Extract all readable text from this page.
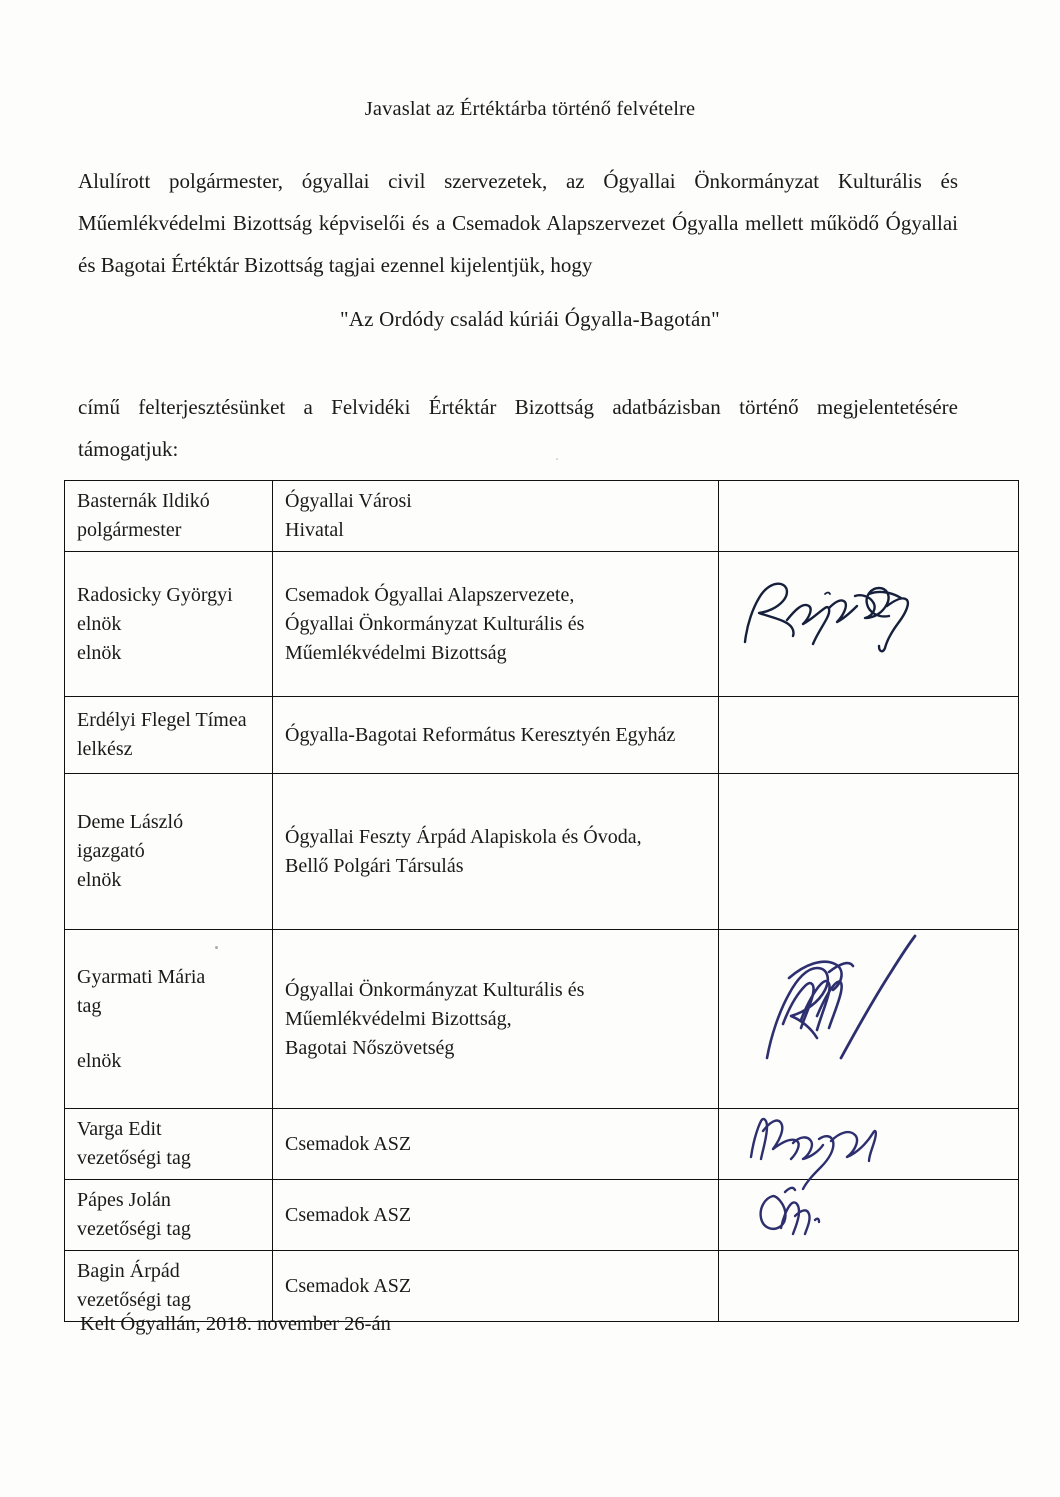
Javaslat az Értéktárba történő felvételre
Alulírott polgármester, ógyallai civil szervezetek, az Ógyallai Önkormányzat Kulturális és Műemlékvédelmi Bizottság képviselői és a Csemadok Alapszervezet Ógyalla mellett működő Ógyallai és Bagotai Értéktár Bizottság tagjai ezennel kijelentjük, hogy
"Az Ordódy család kúriái Ógyalla-Bagotán"
című felterjesztésünket a Felvidéki Értéktár Bizottság adatbázisban történő megjelentetésére támogatjuk:
Basternák Ildikó
polgármester	Ógyallai Városi
Hivatal	

Radosicky Györgyi
elnök
elnök	Csemadok Ógyallai Alapszervezete,
Ógyallai Önkormányzat Kulturális és
Műemlékvédelmi Bizottság

Erdélyi Flegel Tímea
lelkész	Ógyalla-Bagotai Református Keresztyén Egyház	

Deme László
igazgató
elnök	Ógyallai Feszty Árpád Alapiskola és Óvoda,
Bellő Polgári Társulás	

Gyarmati Mária
tag
elnök	Ógyallai Önkormányzat Kulturális és
Műemlékvédelmi Bizottság,
Bagotai Nőszövetség

Varga Edit
vezetőségi tag	Csemadok ASZ

Pápes Jolán
vezetőségi tag	Csemadok ASZ

Bagin Árpád
vezetőségi tag	Csemadok ASZ	

Kelt Ógyallán, 2018. november 26-án
